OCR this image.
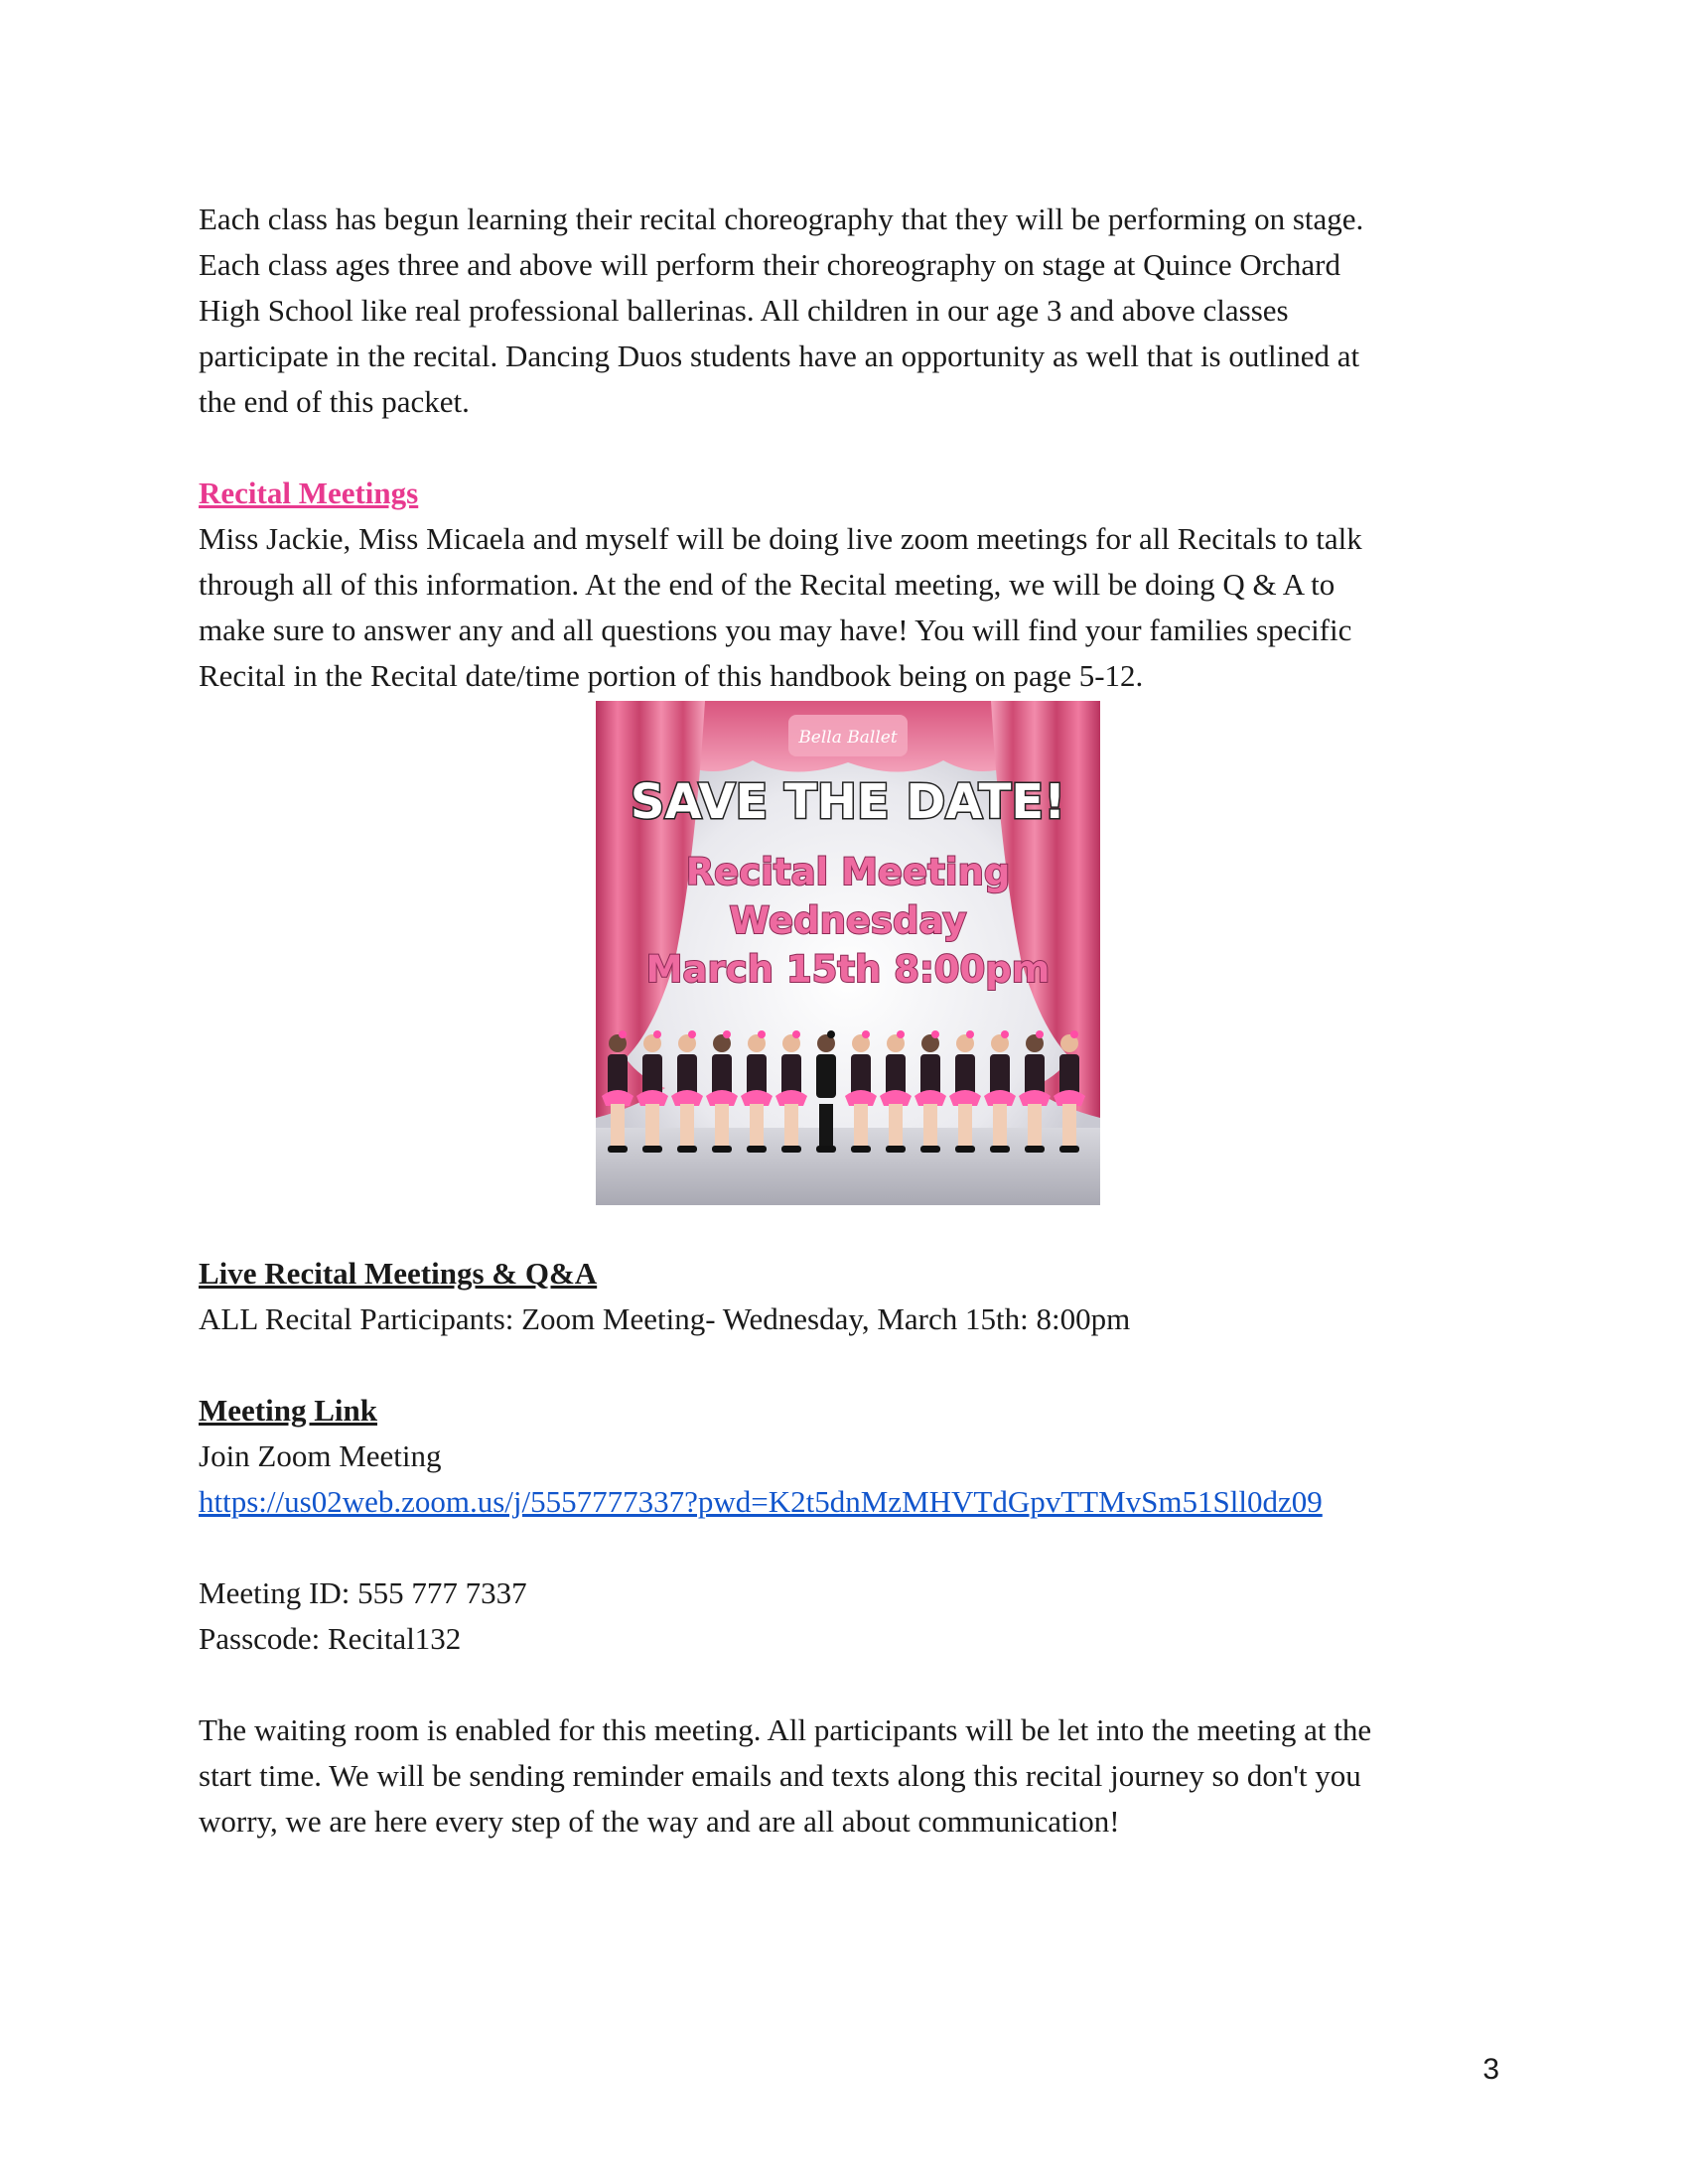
Each class has begun learning their recital choreography that they will be performing on stage.

Each class ages three and above will perform their choreography on stage at Quince Orchard

High School like real professional ballerinas. All children in our age 3 and above classes

participate in the recital. Dancing Duos students have an opportunity as well that is outlined at

the end of this packet.

Recital Meetings

Miss Jackie, Miss Micaela and myself will be doing live zoom meetings for all Recitals to talk

through all of this information. At the end of the Recital meeting, we will be doing Q & A to

make sure to answer any and all questions you may have! You will find your families specific

Recital in the Recital date/time portion of this handbook being on page 5-12.

Bella Ballet
SAVE THE DATE!
Recital Meeting
Wednesday
March 15th 8:00pm
Live Recital Meetings & Q&A

ALL Recital Participants: Zoom Meeting- Wednesday, March 15th: 8:00pm

Meeting Link

Join Zoom Meeting

https://us02web.zoom.us/j/5557777337?pwd=K2t5dnMzMHVTdGpvTTMvSm51Sll0dz09

Meeting ID: 555 777 7337

Passcode: Recital132

The waiting room is enabled for this meeting. All participants will be let into the meeting at the

start time. We will be sending reminder emails and texts along this recital journey so don't you

worry, we are here every step of the way and are all about communication!

3
